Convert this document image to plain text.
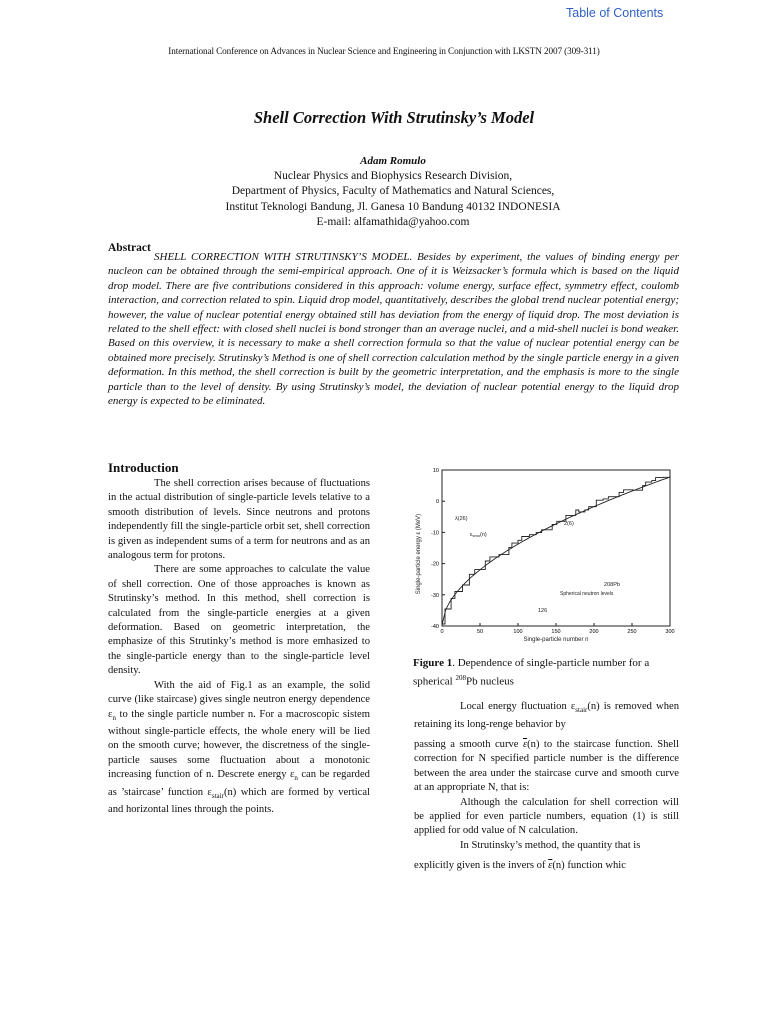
Table of Contents
International Conference on Advances in Nuclear Science and Engineering in Conjunction with LKSTN 2007 (309-311)
Shell Correction With Strutinsky’s Model
Adam Romulo
Nuclear Physics and Biophysics Research Division,
Department of Physics, Faculty of Mathematics and Natural Sciences,
Institut Teknologi Bandung, Jl. Ganesa 10 Bandung 40132 INDONESIA
E-mail: alfamathida@yahoo.com
Abstract

SHELL CORRECTION WITH STRUTINSKY’S MODEL. Besides by experiment, the values of binding energy per nucleon can be obtained through the semi-empirical approach. One of it is Weizsacker’s formula which is based on the liquid drop model. There are five contributions considered in this approach: volume energy, surface effect, symmetry effect, coulomb interaction, and correction related to spin. Liquid drop model, quantitatively, describes the global trend nuclear potential energy; however, the value of nuclear potential energy obtained still has deviation from the energy of liquid drop. The most deviation is related to the shell effect: with closed shell nuclei is bond stronger than an average nuclei, and a mid-shell nuclei is bond weaker. Based on this overview, it is necessary to make a shell correction formula so that the value of nuclear potential energy can be obtained more precisely. Strutinsky’s Method is one of shell correction calculation method by the single particle energy in a given deformation. In this method, the shell correction is built by the geometric interpretation, and the emphasis is more to the single particle than to the level of density. By using Strutinsky’s model, the deviation of nuclear potential energy to the liquid drop energy is expected to be eliminated.

Introduction

The shell correction arises because of fluctuations in the actual distribution of single-particle levels telative to a smooth distribution of levels. Since neutrons and protons independently fill the single-particle orbit set, shell correction is given as independent sums of a term for neutrons and as an analogous term for protons.

There are some approaches to calculate the value of shell correction. One of those approaches is known as Strutinsky’s method. In this method, shell correction is calculated from the single-particle energies at a given deformation. Based on geometric interpretation, the emphasize of this Strutinky’s method is more emhasized to the single-particle energy than to the single-particle level density.

With the aid of Fig.1 as an example, the solid curve (like staircase) gives single neutron energy dependence $\varepsilon_n$ to the single particle number n. For a macroscopic sistem without single-particle effects, the whole enery will be lied on the smooth curve; however, the discretness of the single-particle sauses some fluctuation about a monotonic increasing function of n. Descrete energy $\varepsilon_n$ can be regarded as ’staircase’ function $\varepsilon_{stair}(n)$ which are formed by vertical and horizontal lines through the points.

10
0
-10
-20
-30
-40
0	50	100	150	200	250	300
Single-particle energy ε (MeV)
Single-particle number n
λ(26)
εsmo(n)
2(6)
208Pb
Spherical neutron levels
126
Figure 1. Dependence of single-particle number for a spherical $^{208}$Pb nucleus

Local energy fluctuation $\varepsilon_{stair}(n)$ is removed when retaining its long-renge behavior by

passing a smooth curve $\overline{\varepsilon}(n)$ to the staircase function. Shell correction for N specified particle number is the difference between the area under the staircase curve and smooth curve at an appropriate N, that is:

Although the calculation for shell correction will be applied for even particle numbers, equation (1) is still applied for odd value of N calculation.

In Strutinsky’s method, the quantity that is

explicitly given is the invers of $\overline{\varepsilon}(n)$ function whic
